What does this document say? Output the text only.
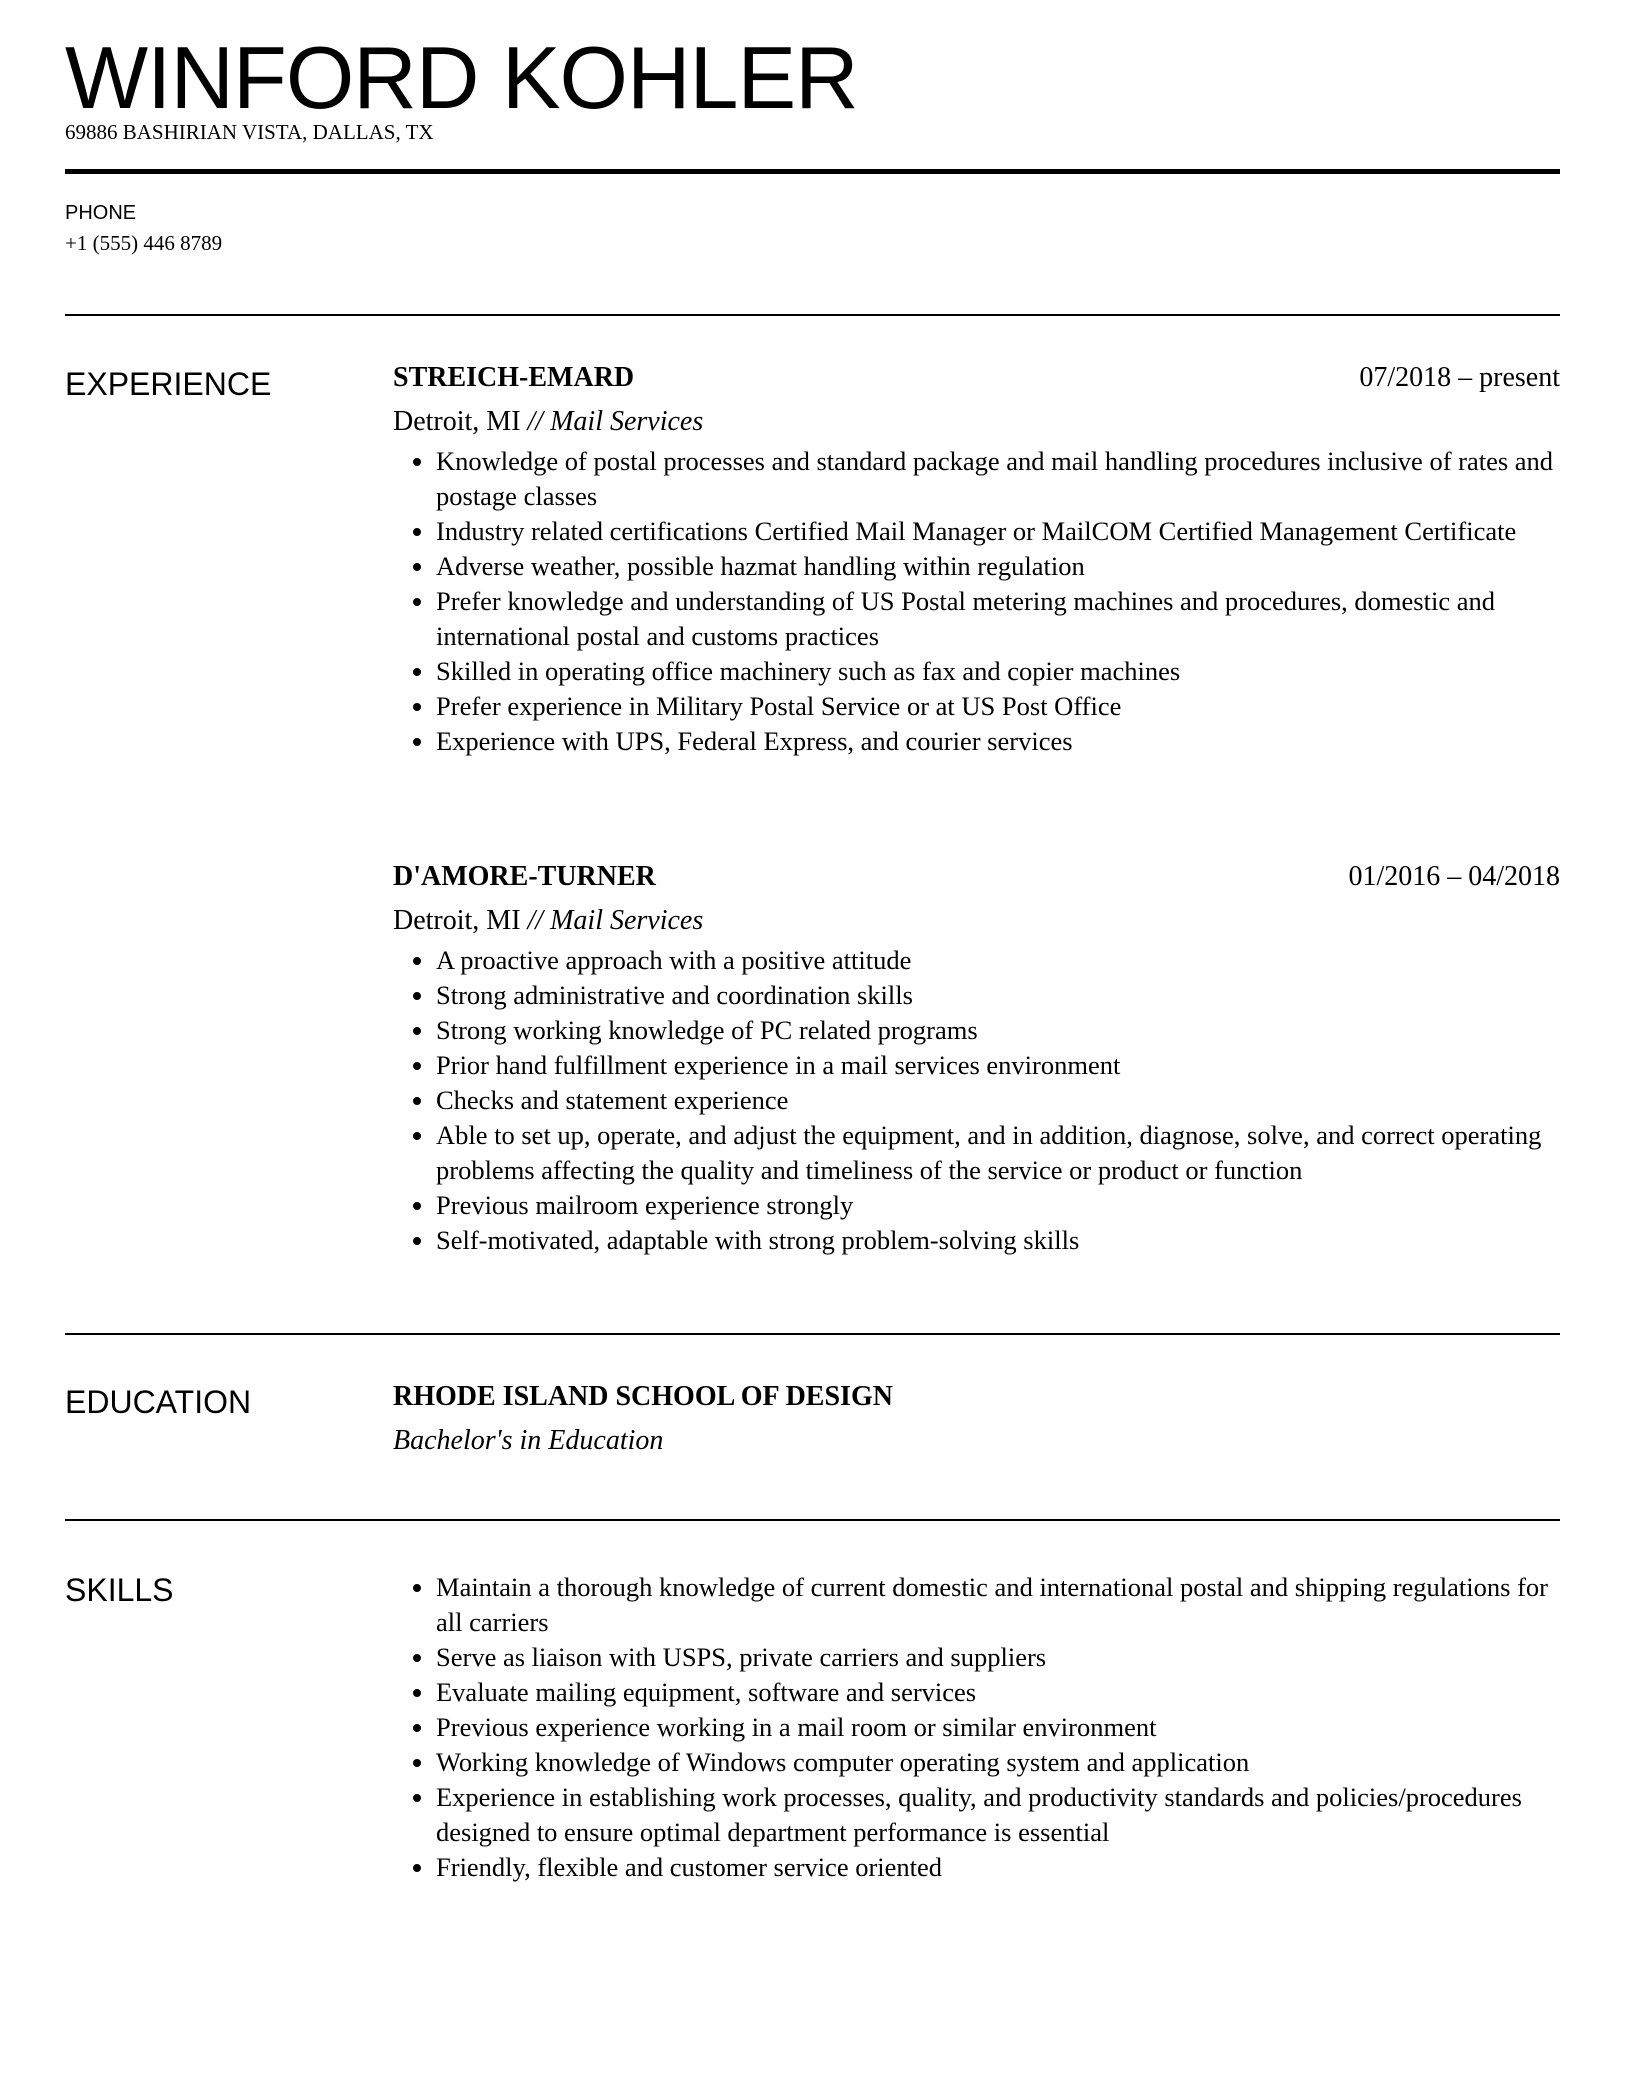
WINFORD KOHLER
69886 BASHIRIAN VISTA, DALLAS, TX
PHONE
+1 (555) 446 8789
EXPERIENCE	STREICH-EMARD	07/2018 – present
Detroit, MI // Mail Services
• Knowledge of postal processes and standard package and mail handling procedures inclusive of rates and postage classes
• Industry related certifications Certified Mail Manager or MailCOM Certified Management Certificate
• Adverse weather, possible hazmat handling within regulation
• Prefer knowledge and understanding of US Postal metering machines and procedures, domestic and international postal and customs practices
• Skilled in operating office machinery such as fax and copier machines
• Prefer experience in Military Postal Service or at US Post Office
• Experience with UPS, Federal Express, and courier services
D'AMORE-TURNER	01/2016 – 04/2018
Detroit, MI // Mail Services
• A proactive approach with a positive attitude
• Strong administrative and coordination skills
• Strong working knowledge of PC related programs
• Prior hand fulfillment experience in a mail services environment
• Checks and statement experience
• Able to set up, operate, and adjust the equipment, and in addition, diagnose, solve, and correct operating problems affecting the quality and timeliness of the service or product or function
• Previous mailroom experience strongly
• Self-motivated, adaptable with strong problem-solving skills
EDUCATION	RHODE ISLAND SCHOOL OF DESIGN
Bachelor's in Education
SKILLS	• Maintain a thorough knowledge of current domestic and international postal and shipping regulations for all carriers
• Serve as liaison with USPS, private carriers and suppliers
• Evaluate mailing equipment, software and services
• Previous experience working in a mail room or similar environment
• Working knowledge of Windows computer operating system and application
• Experience in establishing work processes, quality, and productivity standards and policies/procedures designed to ensure optimal department performance is essential
• Friendly, flexible and customer service oriented
